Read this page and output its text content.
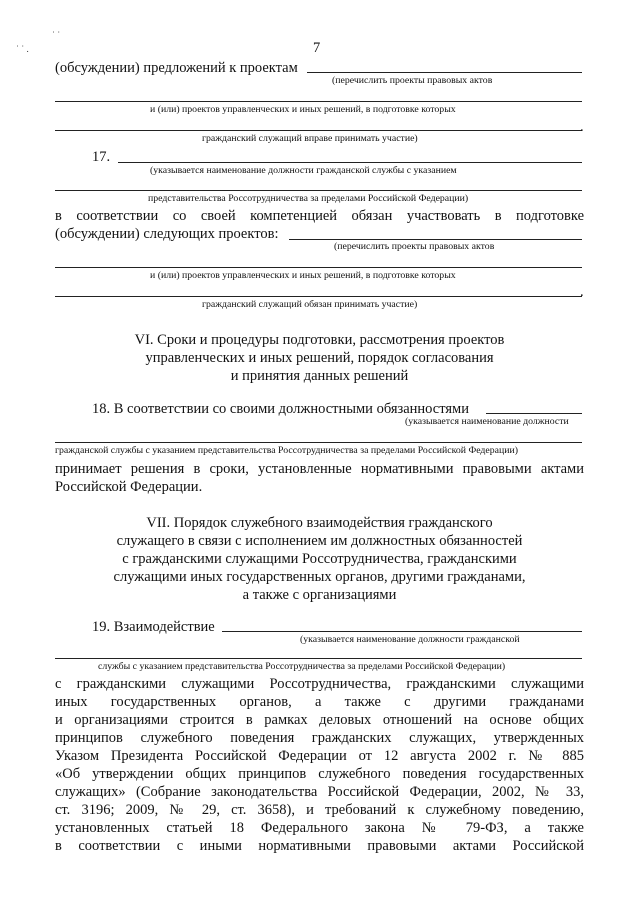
˙ ˙
˙ ˙ .	7
(обсуждении) предложений к проектам
(перечислить проекты правовых актов
и (или) проектов управленческих и иных решений, в подготовке которых
.
гражданский служащий вправе принимать участие)
17.
(указывается наименование должности гражданской службы с указанием
представительства Россотрудничества за пределами Российской Федерации)
в соответствии со своей компетенцией обязан участвовать в подготовке
(обсуждении) следующих проектов:
(перечислить проекты правовых актов
и (или) проектов управленческих и иных решений, в подготовке которых
.
гражданский служащий обязан принимать участие)
VI. Сроки и процедуры подготовки, рассмотрения проектов
управленческих и иных решений, порядок согласования
и принятия данных решений
18. В соответствии со своими должностными обязанностями
(указывается наименование должности
гражданской службы с указанием представительства Россотрудничества за пределами Российской Федерации)
принимает решения в сроки, установленные нормативными правовыми актами
Российской Федерации.
VII. Порядок служебного взаимодействия гражданского
служащего в связи с исполнением им должностных обязанностей
с гражданскими служащими Россотрудничества, гражданскими
служащими иных государственных органов, другими гражданами,
а также с организациями
19. Взаимодействие
(указывается наименование должности гражданской
службы с указанием представительства Россотрудничества за пределами Российской Федерации)
с гражданскими служащими Россотрудничества, гражданскими служащими
иных государственных органов, а также с другими гражданами
и организациями строится в рамках деловых отношений на основе общих
принципов служебного поведения гражданских служащих, утвержденных
Указом Президента Российской Федерации от 12 августа 2002 г. № 885
«Об утверждении общих принципов служебного поведения государственных
служащих» (Собрание законодательства Российской Федерации, 2002, № 33,
ст. 3196; 2009, № 29, ст. 3658), и требований к служебному поведению,
установленных статьей 18 Федерального закона № 79-ФЗ, а также
в соответствии с иными нормативными правовыми актами Российской
